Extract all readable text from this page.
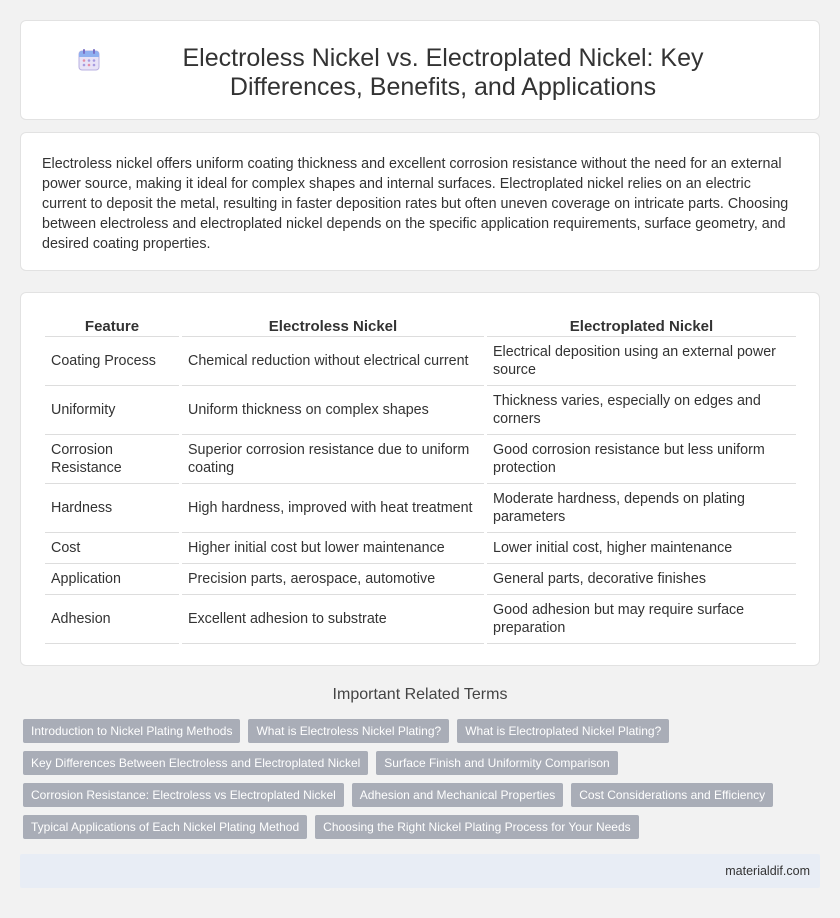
Electroless Nickel vs. Electroplated Nickel: Key Differences, Benefits, and Applications

Electroless nickel offers uniform coating thickness and excellent corrosion resistance without the need for an external power source, making it ideal for complex shapes and internal surfaces. Electroplated nickel relies on an electric current to deposit the metal, resulting in faster deposition rates but often uneven coverage on intricate parts. Choosing between electroless and electroplated nickel depends on the specific application requirements, surface geometry, and desired coating properties.

Feature	Electroless Nickel	Electroplated Nickel
Coating Process	Chemical reduction without electrical current	Electrical deposition using an external power source
Uniformity	Uniform thickness on complex shapes	Thickness varies, especially on edges and corners
Corrosion Resistance	Superior corrosion resistance due to uniform coating	Good corrosion resistance but less uniform protection
Hardness	High hardness, improved with heat treatment	Moderate hardness, depends on plating parameters
Cost	Higher initial cost but lower maintenance	Lower initial cost, higher maintenance
Application	Precision parts, aerospace, automotive	General parts, decorative finishes
Adhesion	Excellent adhesion to substrate	Good adhesion but may require surface preparation
Important Related Terms
Introduction to Nickel Plating Methods	What is Electroless Nickel Plating?	What is Electroplated Nickel Plating?
Key Differences Between Electroless and Electroplated Nickel	Surface Finish and Uniformity Comparison
Corrosion Resistance: Electroless vs Electroplated Nickel	Adhesion and Mechanical Properties	Cost Considerations and Efficiency
Typical Applications of Each Nickel Plating Method	Choosing the Right Nickel Plating Process for Your Needs
materialdif.com
